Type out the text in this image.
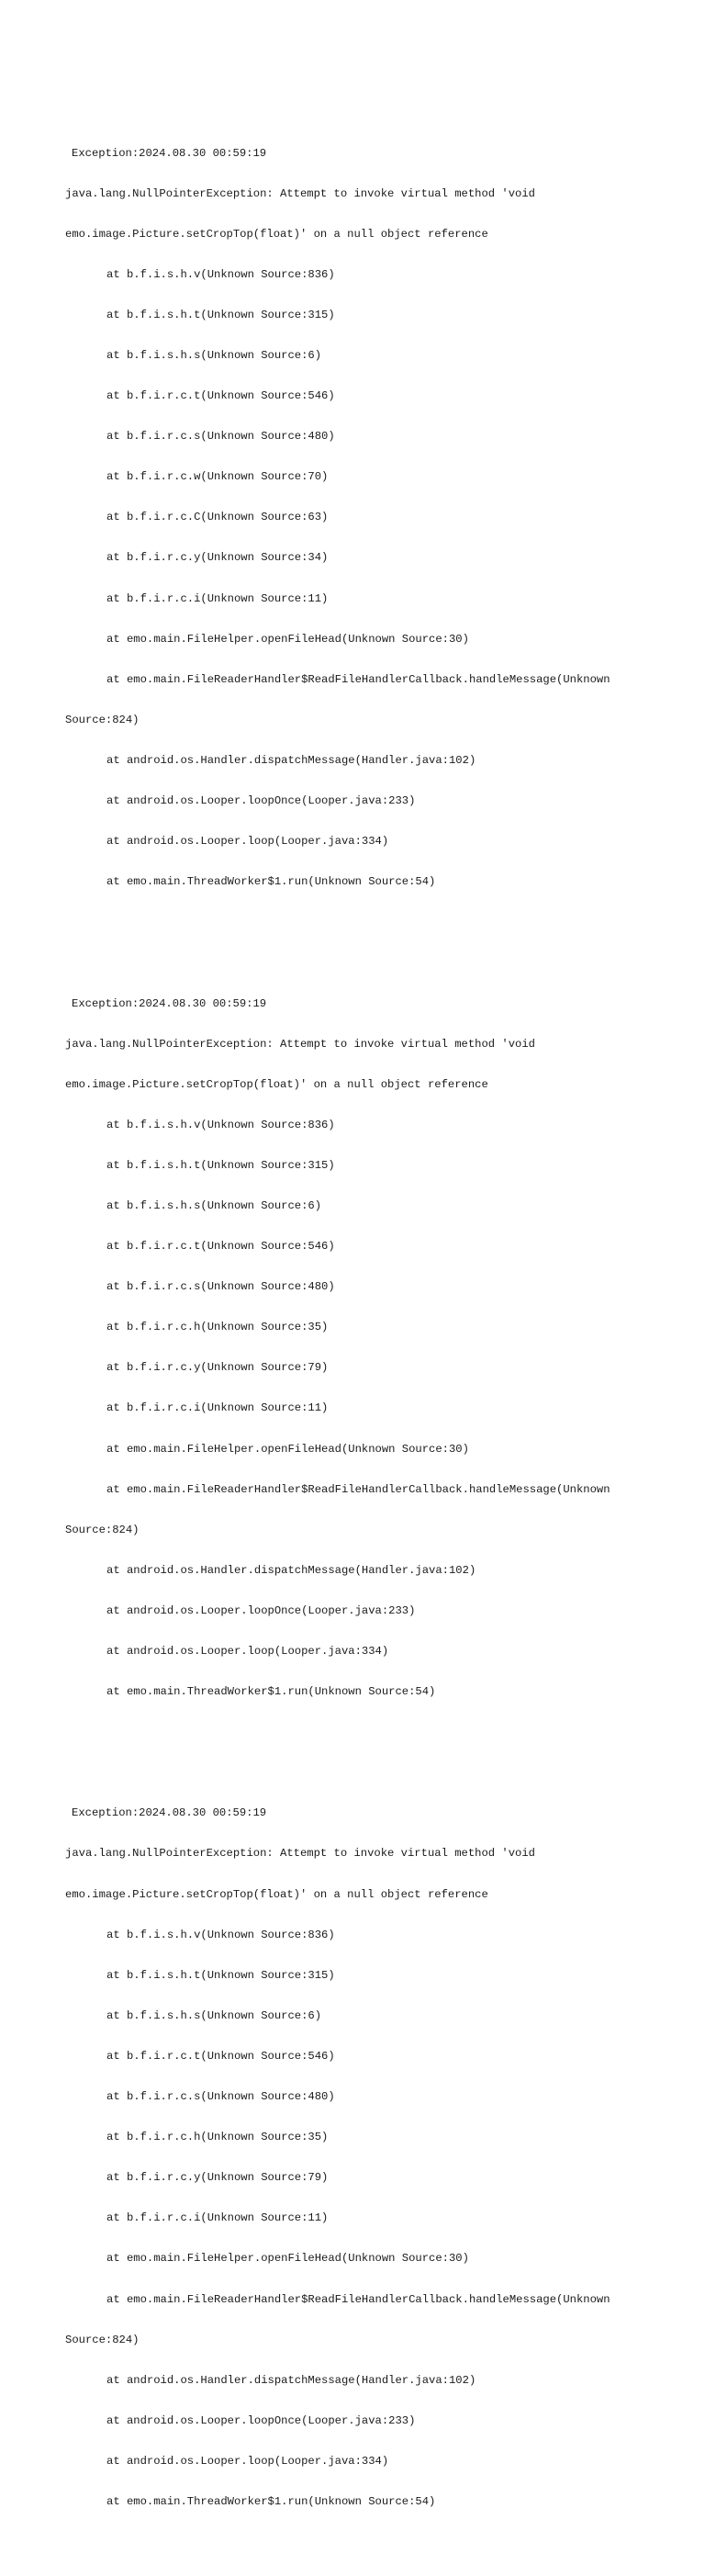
Exception:2024.08.30 00:59:19

java.lang.NullPointerException: Attempt to invoke virtual method 'void

emo.image.Picture.setCropTop(float)' on a null object reference

at b.f.i.s.h.v(Unknown Source:836)

at b.f.i.s.h.t(Unknown Source:315)

at b.f.i.s.h.s(Unknown Source:6)

at b.f.i.r.c.t(Unknown Source:546)

at b.f.i.r.c.s(Unknown Source:480)

at b.f.i.r.c.w(Unknown Source:70)

at b.f.i.r.c.C(Unknown Source:63)

at b.f.i.r.c.y(Unknown Source:34)

at b.f.i.r.c.i(Unknown Source:11)

at emo.main.FileHelper.openFileHead(Unknown Source:30)

at emo.main.FileReaderHandler$ReadFileHandlerCallback.handleMessage(Unknown

Source:824)

at android.os.Handler.dispatchMessage(Handler.java:102)

at android.os.Looper.loopOnce(Looper.java:233)

at android.os.Looper.loop(Looper.java:334)

at emo.main.ThreadWorker$1.run(Unknown Source:54)

Exception:2024.08.30 00:59:19

java.lang.NullPointerException: Attempt to invoke virtual method 'void

emo.image.Picture.setCropTop(float)' on a null object reference

at b.f.i.s.h.v(Unknown Source:836)

at b.f.i.s.h.t(Unknown Source:315)

at b.f.i.s.h.s(Unknown Source:6)

at b.f.i.r.c.t(Unknown Source:546)

at b.f.i.r.c.s(Unknown Source:480)

at b.f.i.r.c.h(Unknown Source:35)

at b.f.i.r.c.y(Unknown Source:79)

at b.f.i.r.c.i(Unknown Source:11)

at emo.main.FileHelper.openFileHead(Unknown Source:30)

at emo.main.FileReaderHandler$ReadFileHandlerCallback.handleMessage(Unknown

Source:824)

at android.os.Handler.dispatchMessage(Handler.java:102)

at android.os.Looper.loopOnce(Looper.java:233)

at android.os.Looper.loop(Looper.java:334)

at emo.main.ThreadWorker$1.run(Unknown Source:54)

Exception:2024.08.30 00:59:19

java.lang.NullPointerException: Attempt to invoke virtual method 'void

emo.image.Picture.setCropTop(float)' on a null object reference

at b.f.i.s.h.v(Unknown Source:836)

at b.f.i.s.h.t(Unknown Source:315)

at b.f.i.s.h.s(Unknown Source:6)

at b.f.i.r.c.t(Unknown Source:546)

at b.f.i.r.c.s(Unknown Source:480)

at b.f.i.r.c.h(Unknown Source:35)

at b.f.i.r.c.y(Unknown Source:79)

at b.f.i.r.c.i(Unknown Source:11)

at emo.main.FileHelper.openFileHead(Unknown Source:30)

at emo.main.FileReaderHandler$ReadFileHandlerCallback.handleMessage(Unknown

Source:824)

at android.os.Handler.dispatchMessage(Handler.java:102)

at android.os.Looper.loopOnce(Looper.java:233)

at android.os.Looper.loop(Looper.java:334)

at emo.main.ThreadWorker$1.run(Unknown Source:54)
